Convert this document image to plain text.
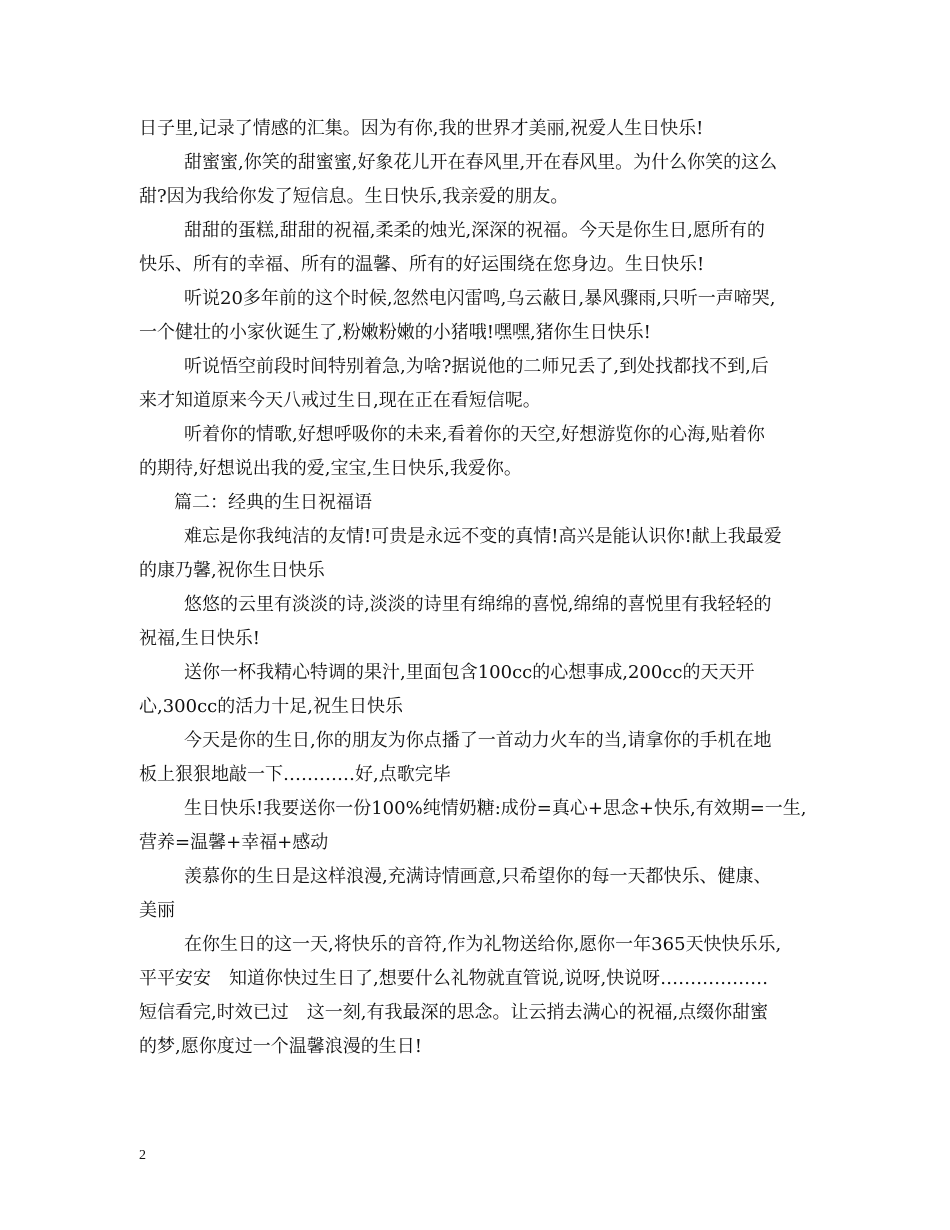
日子里,记录了情感的汇集。因为有你,我的世界才美丽,祝爱人生日快乐!
甜蜜蜜,你笑的甜蜜蜜,好象花儿开在春风里,开在春风里。为什么你笑的这么
甜?因为我给你发了短信息。生日快乐,我亲爱的朋友。
甜甜的蛋糕,甜甜的祝福,柔柔的烛光,深深的祝福。今天是你生日,愿所有的
快乐、所有的幸福、所有的温馨、所有的好运围绕在您身边。生日快乐!
听说20多年前的这个时候,忽然电闪雷鸣,乌云蔽日,暴风骤雨,只听一声啼哭,
一个健壮的小家伙诞生了,粉嫩粉嫩的小猪哦!嘿嘿,猪你生日快乐!
听说悟空前段时间特别着急,为啥?据说他的二师兄丢了,到处找都找不到,后
来才知道原来今天八戒过生日,现在正在看短信呢。
听着你的情歌,好想呼吸你的未来,看着你的天空,好想游览你的心海,贴着你
的期待,好想说出我的爱,宝宝,生日快乐,我爱你。
篇二：经典的生日祝福语
难忘是你我纯洁的友情!可贵是永远不变的真情!高兴是能认识你!献上我最爱
的康乃馨,祝你生日快乐
悠悠的云里有淡淡的诗,淡淡的诗里有绵绵的喜悦,绵绵的喜悦里有我轻轻的
祝福,生日快乐!
送你一杯我精心特调的果汁,里面包含100cc的心想事成,200cc的天天开
心,300cc的活力十足,祝生日快乐
今天是你的生日,你的朋友为你点播了一首动力火车的当,请拿你的手机在地
板上狠狠地敲一下…………好,点歌完毕
生日快乐!我要送你一份100%纯情奶糖:成份=真心+思念+快乐,有效期=一生,
营养=温馨+幸福+感动
羡慕你的生日是这样浪漫,充满诗情画意,只希望你的每一天都快乐、健康、
美丽
在你生日的这一天,将快乐的音符,作为礼物送给你,愿你一年365天快快乐乐,
平平安安　知道你快过生日了,想要什么礼物就直管说,说呀,快说呀………………
短信看完,时效已过　这一刻,有我最深的思念。让云捎去满心的祝福,点缀你甜蜜
的梦,愿你度过一个温馨浪漫的生日!
2
